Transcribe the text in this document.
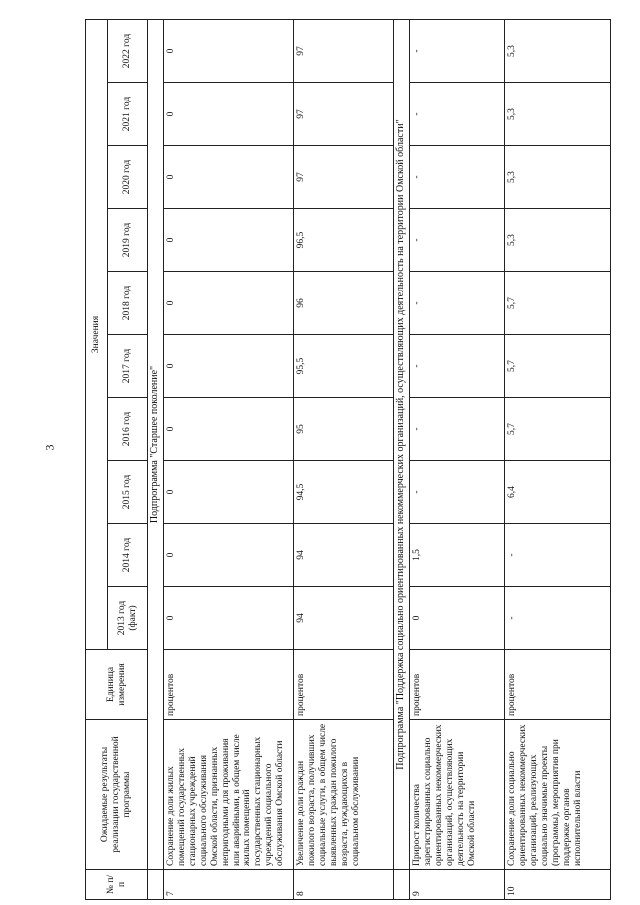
3
№ п/п	Ожидаемые результаты реализации государственной программы	Единица измерения	Значения									
			2013 год (факт)	2014 год	2015 год	2016 год	2017 год	2018 год	2019 год	2020 год	2021 год	2022 год
	Подпрограмма "Старшее поколение"											
7	Сохранение доли жилых помещений государственных стационарных учреждений социального обслуживания Омской области, признанных непригодными для проживания или аварийными, в общем числе жилых помещений государственных стационарных учреждений социального обслуживания Омской области	процентов	0	0	0	0	0	0	0	0	0	0
8	Увеличение доли граждан пожилого возраста, получивших социальные услуги, в общем числе выявленных граждан пожилого возраста, нуждающихся в социальном обслуживании	процентов	94	94	94,5	95	95,5	96	96,5	97	97	97
	Подпрограмма "Поддержка социально ориентированных некоммерческих организаций, осуществляющих деятельность на территории Омской области"											
9	Прирост количества зарегистрированных социально ориентированных некоммерческих организаций, осуществляющих деятельность на территории Омской области	процентов	0	1,5	-	-	-	-	-	-	-	-
10	Сохранение доли социально ориентированных некоммерческих организаций, реализующих социально значимые проекты (программы), мероприятия при поддержке органов исполнительной власти	процентов	-	-	6,4	5,7	5,7	5,7	5,3	5,3	5,3	5,3
